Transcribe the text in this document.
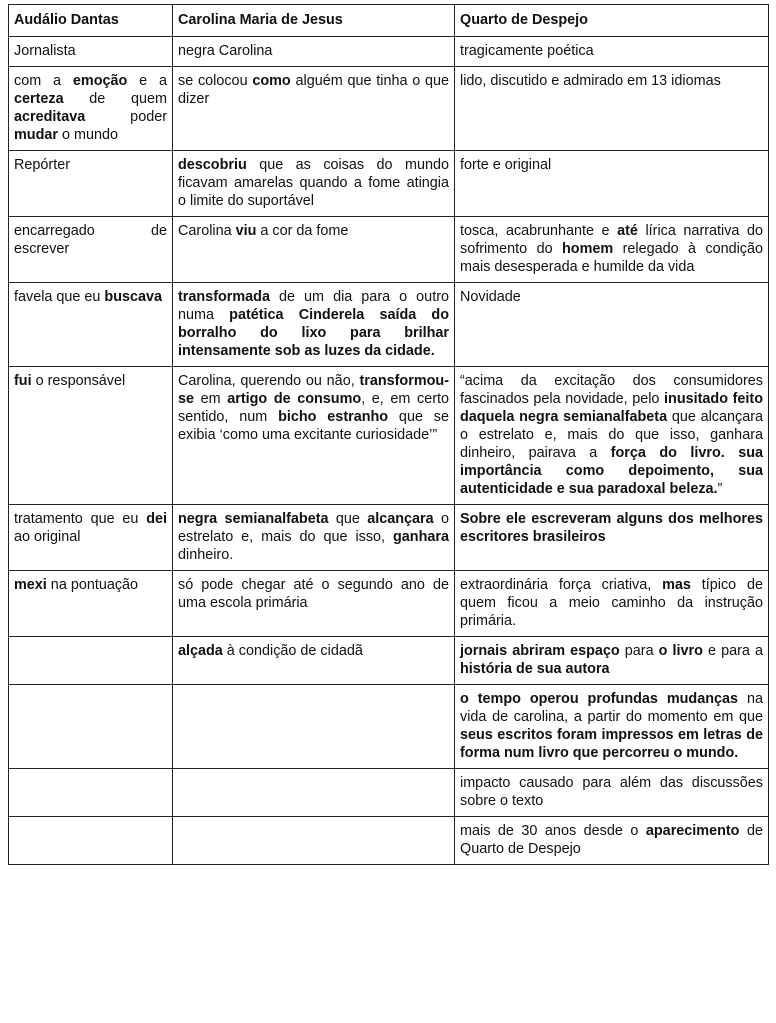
Audálio Dantas	Carolina Maria de Jesus	Quarto de Despejo
Jornalista	negra Carolina	tragicamente poética
com a emoção e a certeza de quem acreditava poder mudar o mundo	se colocou como alguém que tinha o que dizer	lido, discutido e admirado em 13 idiomas
Repórter	descobriu que as coisas do mundo ficavam amarelas quando a fome atingia o limite do suportável	forte e original
encarregado de escrever	Carolina viu a cor da fome	tosca, acabrunhante e até lírica narrativa do sofrimento do homem relegado à condição mais desesperada e humilde da vida
favela que eu buscava	transformada de um dia para o outro numa patética Cinderela saída do borralho do lixo para brilhar intensamente sob as luzes da cidade.	Novidade
fui o responsável	Carolina, querendo ou não, transformou-se em artigo de consumo, e, em certo sentido, num bicho estranho que se exibia ‘como uma excitante curiosidade’”	“acima da excitação dos consumidores fascinados pela novidade, pelo inusitado feito daquela negra semianalfabeta que alcançara o estrelato e, mais do que isso, ganhara dinheiro, pairava a força do livro. sua importância como depoimento, sua autenticidade e sua paradoxal beleza.”
tratamento que eu dei ao original	negra semianalfabeta que alcançara o estrelato e, mais do que isso, ganhara dinheiro.	Sobre ele escreveram alguns dos melhores escritores brasileiros
mexi na pontuação	só pode chegar até o segundo ano de uma escola primária	extraordinária força criativa, mas típico de quem ficou a meio caminho da instrução primária.
	alçada à condição de cidadã	jornais abriram espaço para o livro e para a história de sua autora
		o tempo operou profundas mudanças na vida de carolina, a partir do momento em que seus escritos foram impressos em letras de forma num livro que percorreu o mundo.
		impacto causado para além das discussões sobre o texto
		mais de 30 anos desde o aparecimento de Quarto de Despejo
